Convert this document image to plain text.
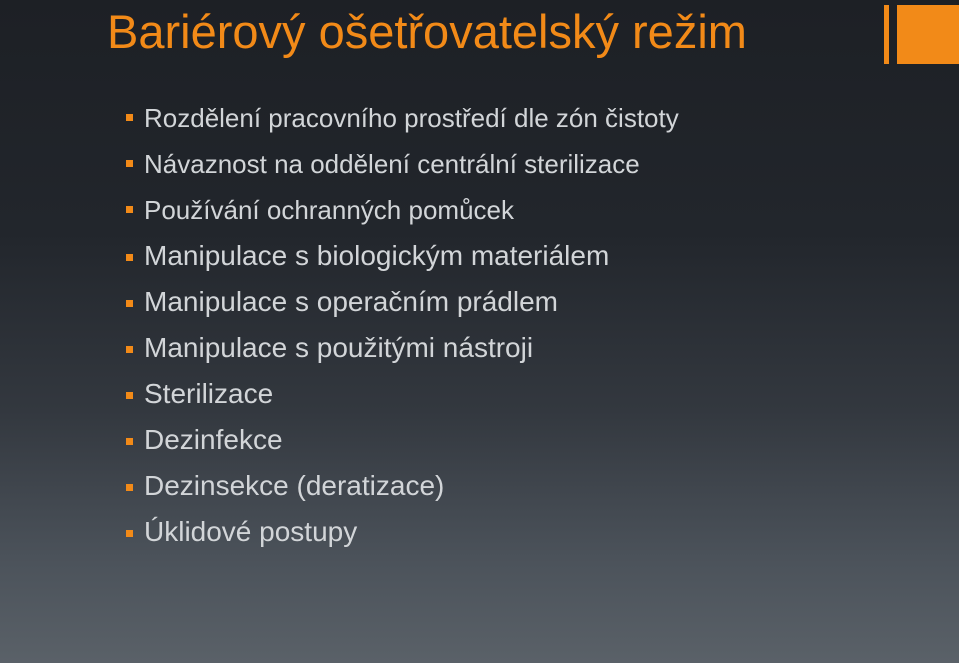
Bariérový ošetřovatelský režim
Rozdělení pracovního prostředí dle zón čistoty
Návaznost na oddělení centrální sterilizace
Používání ochranných pomůcek
Manipulace s biologickým materiálem
Manipulace s operačním prádlem
Manipulace s použitými nástroji
Sterilizace
Dezinfekce
Dezinsekce (deratizace)
Úklidové postupy
